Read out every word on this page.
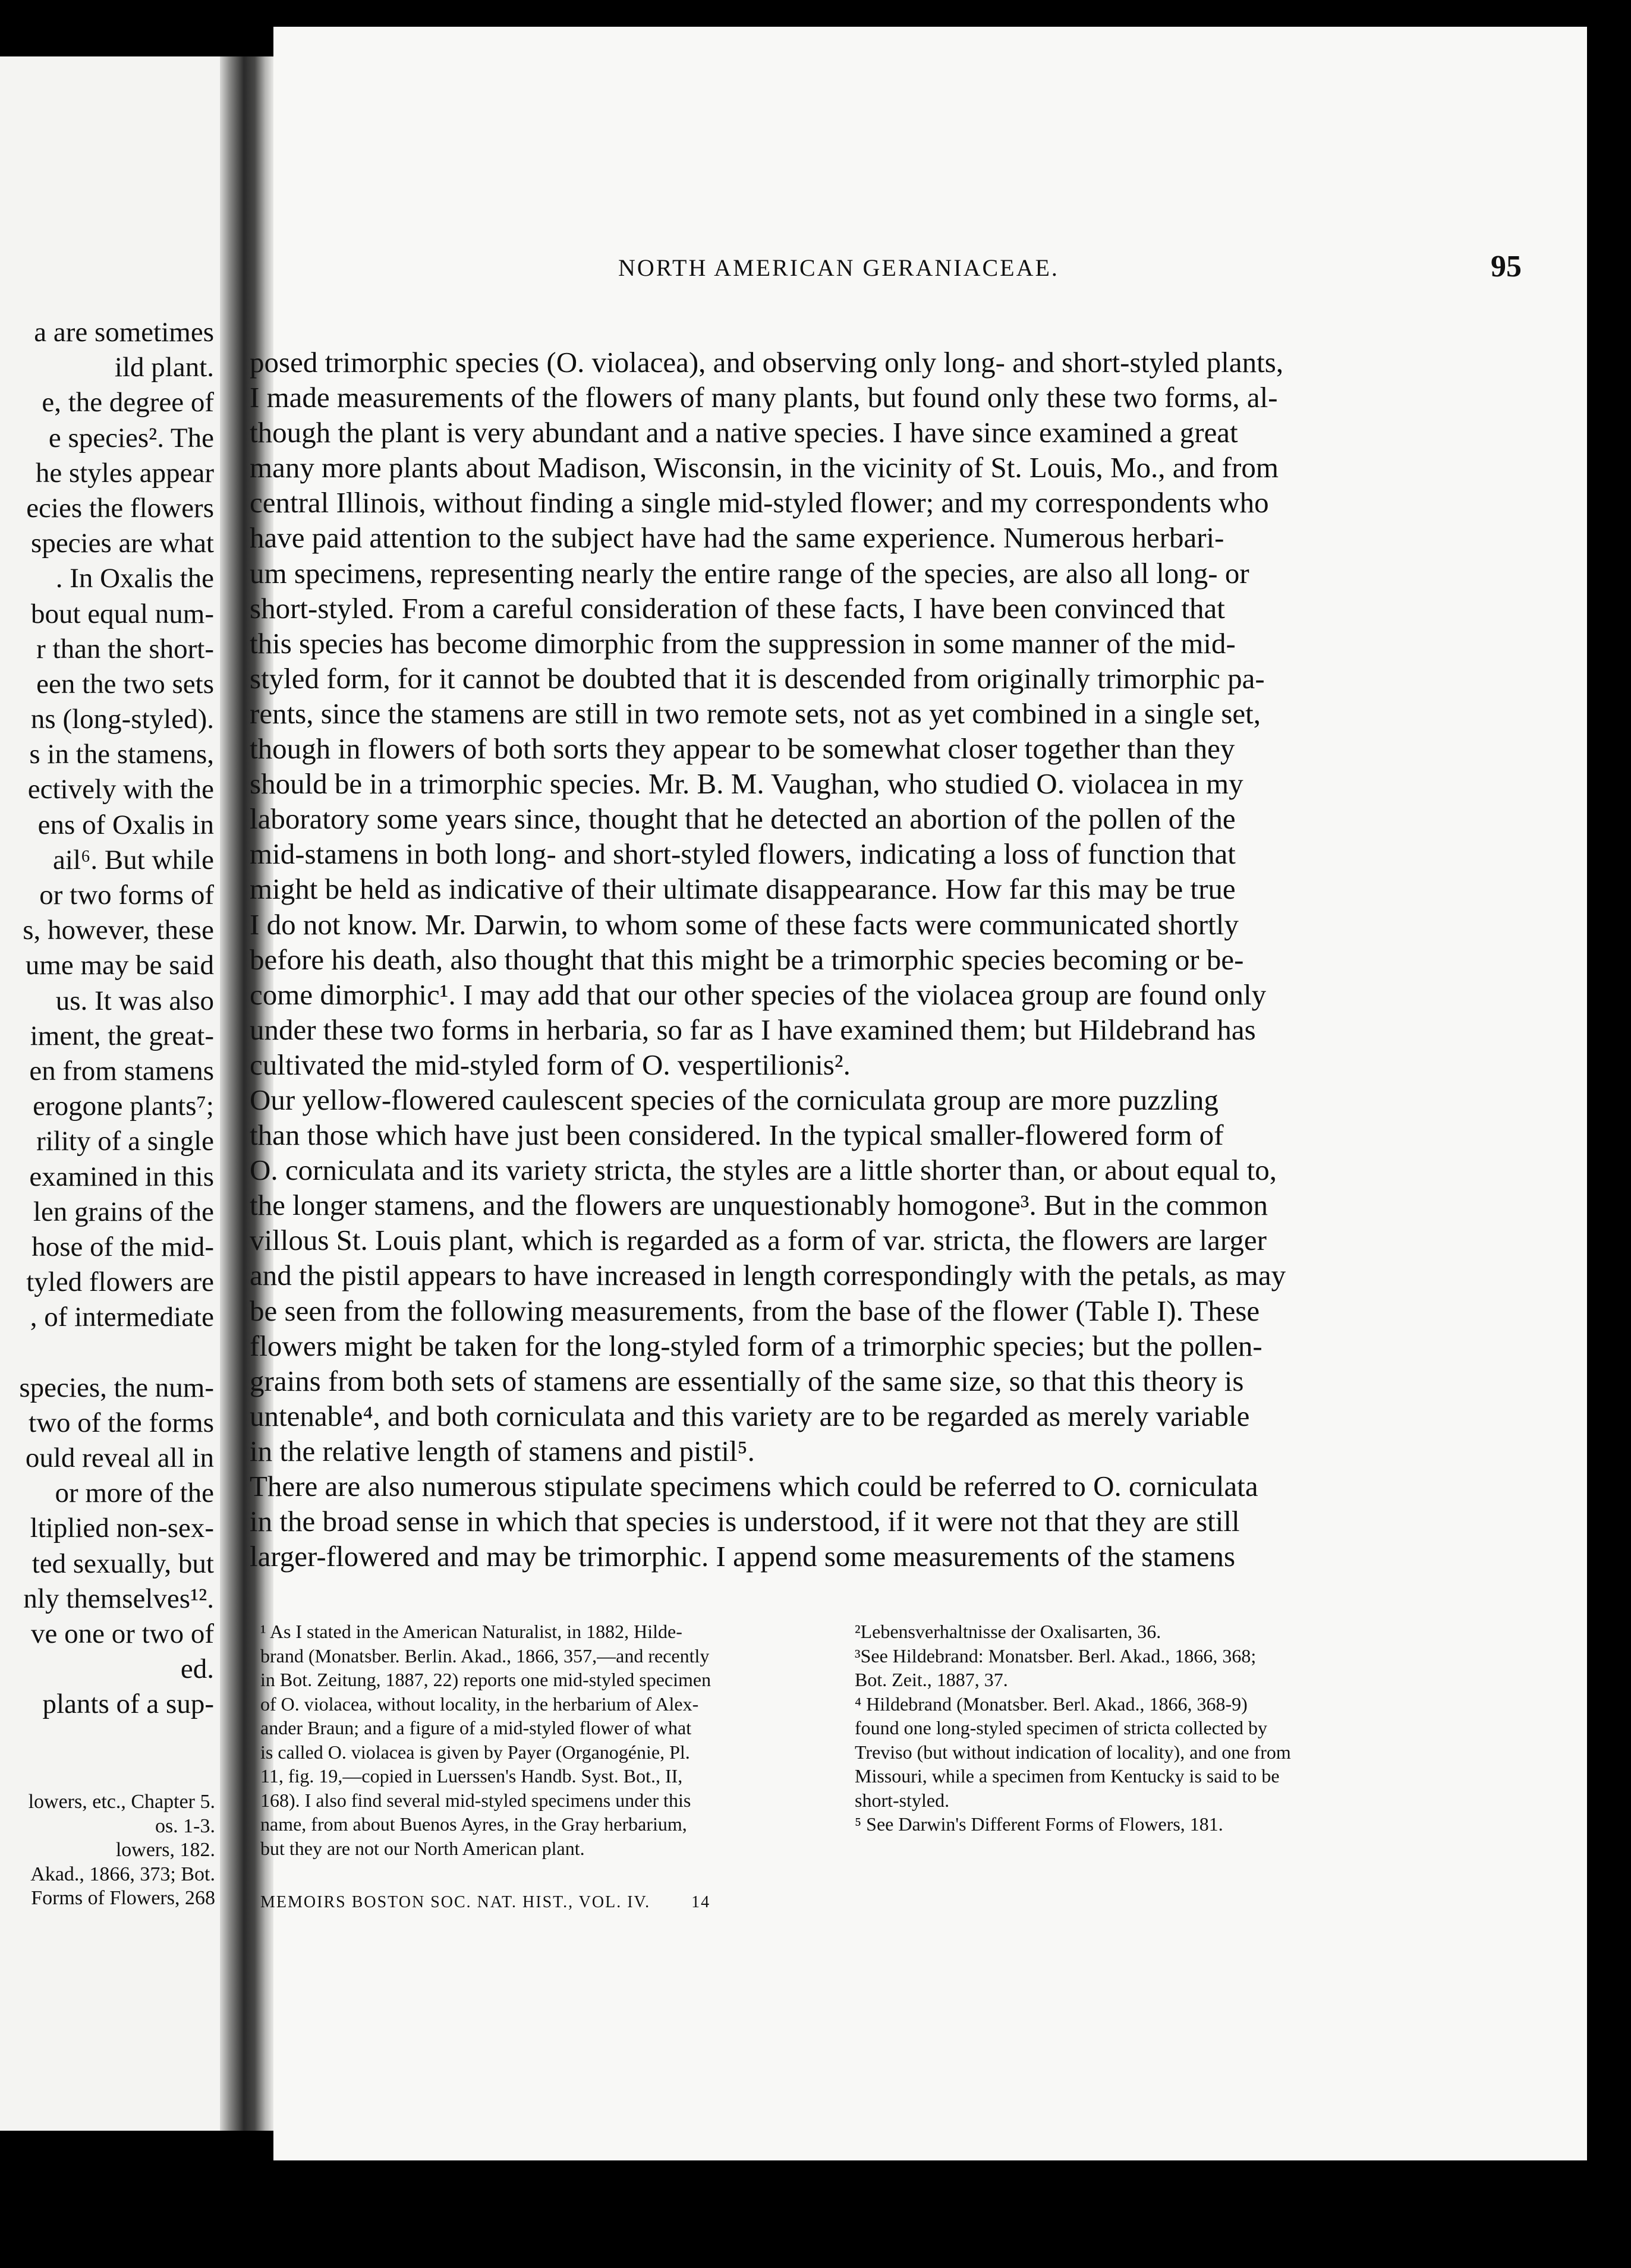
a are sometimes
ild plant.
e, the degree of
e species². The
he styles appear
ecies the flowers
species are what
. In Oxalis the
bout equal num-
r than the short-
een the two sets
ns (long-styled).
s in the stamens,
ectively with the
ens of Oxalis in
ail⁶. But while
or two forms of
s, however, these
ume may be said
us. It was also
iment, the great-
en from stamens
erogone plants⁷;
rility of a single
examined in this
len grains of the
hose of the mid-
tyled flowers are
, of intermediate
species, the num-
two of the forms
ould reveal all in
or more of the
ltiplied non-sex-
ted sexually, but
nly themselves¹².
ve one or two of
ed.
plants of a sup-
lowers, etc., Chapter 5.
os. 1-3.
lowers, 182.
Akad., 1866, 373; Bot.
Forms of Flowers, 268
NORTH AMERICAN GERANIACEAE.	95
posed trimorphic species (O. violacea), and observing only long- and short-styled plants,
I made measurements of the flowers of many plants, but found only these two forms, al-
though the plant is very abundant and a native species. I have since examined a great
many more plants about Madison, Wisconsin, in the vicinity of St. Louis, Mo., and from
central Illinois, without finding a single mid-styled flower; and my correspondents who
have paid attention to the subject have had the same experience. Numerous herbari-
um specimens, representing nearly the entire range of the species, are also all long- or
short-styled. From a careful consideration of these facts, I have been convinced that
this species has become dimorphic from the suppression in some manner of the mid-
styled form, for it cannot be doubted that it is descended from originally trimorphic pa-
rents, since the stamens are still in two remote sets, not as yet combined in a single set,
though in flowers of both sorts they appear to be somewhat closer together than they
should be in a trimorphic species. Mr. B. M. Vaughan, who studied O. violacea in my
laboratory some years since, thought that he detected an abortion of the pollen of the
mid-stamens in both long- and short-styled flowers, indicating a loss of function that
might be held as indicative of their ultimate disappearance. How far this may be true
I do not know. Mr. Darwin, to whom some of these facts were communicated shortly
before his death, also thought that this might be a trimorphic species becoming or be-
come dimorphic¹. I may add that our other species of the violacea group are found only
under these two forms in herbaria, so far as I have examined them; but Hildebrand has
cultivated the mid-styled form of O. vespertilionis².
Our yellow-flowered caulescent species of the corniculata group are more puzzling
than those which have just been considered. In the typical smaller-flowered form of
O. corniculata and its variety stricta, the styles are a little shorter than, or about equal to,
the longer stamens, and the flowers are unquestionably homogone³. But in the common
villous St. Louis plant, which is regarded as a form of var. stricta, the flowers are larger
and the pistil appears to have increased in length correspondingly with the petals, as may
be seen from the following measurements, from the base of the flower (Table I). These
flowers might be taken for the long-styled form of a trimorphic species; but the pollen-
grains from both sets of stamens are essentially of the same size, so that this theory is
untenable⁴, and both corniculata and this variety are to be regarded as merely variable
in the relative length of stamens and pistil⁵.
There are also numerous stipulate specimens which could be referred to O. corniculata
in the broad sense in which that species is understood, if it were not that they are still
larger-flowered and may be trimorphic. I append some measurements of the stamens
¹ As I stated in the American Naturalist, in 1882, Hilde-
brand (Monatsber. Berlin. Akad., 1866, 357,—and recently
in Bot. Zeitung, 1887, 22) reports one mid-styled specimen
of O. violacea, without locality, in the herbarium of Alex-
ander Braun; and a figure of a mid-styled flower of what
is called O. violacea is given by Payer (Organogénie, Pl.
11, fig. 19,—copied in Luerssen's Handb. Syst. Bot., II,
168). I also find several mid-styled specimens under this
name, from about Buenos Ayres, in the Gray herbarium,
but they are not our North American plant.
²Lebensverhaltnisse der Oxalisarten, 36.
³See Hildebrand: Monatsber. Berl. Akad., 1866, 368;
Bot. Zeit., 1887, 37.
⁴ Hildebrand (Monatsber. Berl. Akad., 1866, 368-9)
found one long-styled specimen of stricta collected by
Treviso (but without indication of locality), and one from
Missouri, while a specimen from Kentucky is said to be
short-styled.
⁵ See Darwin's Different Forms of Flowers, 181.
MEMOIRS BOSTON SOC. NAT. HIST., VOL. IV. 14
